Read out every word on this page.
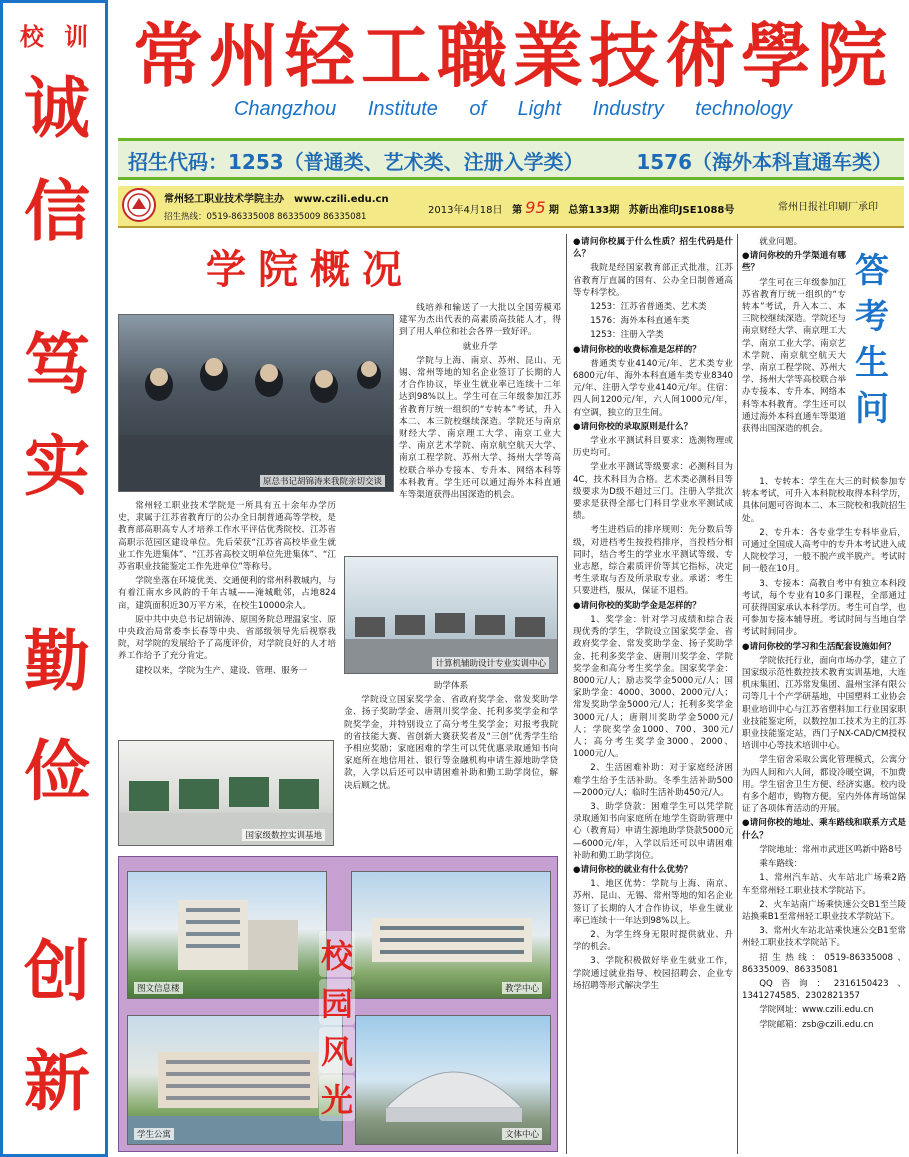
校 训
诚
信
笃
实
勤
俭
创
新
常州轻工職業技術學院
Changzhou Institute of Light Industry technology
招生代码：1253（普通类、艺术类、注册入学类）	1576（海外本科直通车类）
常州轻工职业技术学院主办　www.czili.edu.cn
招生热线：0519-86335008 86335009 86335081
2013年4月18日 第 95 期 总第133期 苏新出准印JSE1088号	常州日报社印刷厂承印
学院概况
原总书记胡锦涛来我院亲切交谈

线培养和输送了一大批以全国劳模邓建军为杰出代表的高素质高技能人才，得到了用人单位和社会各界一致好评。

就业升学

学院与上海、南京、苏州、昆山、无锡、常州等地的知名企业签订了长期的人才合作协议，毕业生就业率已连续十二年达到98%以上。学生可在三年级参加江苏省教育厅统一组织的“专转本”考试，升入本二、本三院校继续深造。学院还与南京财经大学、南京理工大学、南京工业大学、南京艺术学院、南京航空航天大学、南京工程学院、苏州大学、扬州大学等高校联合举办专接本、专升本、网络本科等本科教育。学生还可以通过海外本科直通车等渠道获得出国深造的机会。

常州轻工职业技术学院是一所具有五十余年办学历史，隶属于江苏省教育厅的公办全日制普通高等学校，是教育部高职高专人才培养工作水平评估优秀院校、江苏省高职示范园区建设单位。先后荣获“江苏省高校毕业生就业工作先进集体”、“江苏省高校文明单位先进集体”、“江苏省职业技能鉴定工作先进单位”等称号。

学院坐落在环境优美、交通便利的常州科教城内，与有着江南水乡风韵的千年古城——淹城毗邻，占地824亩，建筑面积近30万平方米，在校生10000余人。

原中共中央总书记胡锦涛、原国务院总理温家宝、原中央政治局常委李长春等中央、省部级领导先后视察我院，对学院的发展给予了高度评价，对学院良好的人才培养工作给予了充分肯定。

建校以来，学院为生产、建设、管理、服务一

计算机辅助设计专业实训中心
国家级数控实训基地

助学体系

学院设立国家奖学金、省政府奖学金、常发奖助学金、扬子奖助学金、唐荆川奖学金、托利多奖学金和学院奖学金，并特别设立了高分考生奖学金；对报考我院的省技能大赛、省创新大赛获奖者及“三创”优秀学生给予相应奖励；家庭困难的学生可以凭优惠录取通知书向家庭所在地信用社、银行等金融机构申请生源地助学贷款，入学以后还可以申请困难补助和勤工助学岗位，解决后顾之忧。

●请问你校属于什么性质？招生代码是什么？

我院是经国家教育部正式批准，江苏省教育厅直属的国有、公办全日制普通高等专科学校。

1253：江苏省普通类、艺术类

1576：海外本科直通车类

1253：注册入学类

●请问你校的收费标准是怎样的？

普通类专业4140元/年、艺术类专业6800元/年、海外本科直通车类专业8340元/年、注册入学专业4140元/年。住宿：四人间1200元/年，六人间1000元/年，有空调，独立的卫生间。

●请问你校的录取原则是什么？

学业水平测试科目要求：选测物理或历史均可。

学业水平测试等级要求：必测科目为4C，技术科目为合格。艺术类必测科目等级要求为D级不超过三门。注册入学批次要求是获得全部七门科目学业水平测试成绩。

考生进档后的排序规则：先分数后等级，对进档考生按投档排序，当投档分相同时，结合考生的学业水平测试等级、专业志愿，综合素质评价等其它指标，决定考生录取与否及所录取专业。承诺：考生只要进档，服从，保证不退档。

●请问你校的奖助学金是怎样的？

1、奖学金：针对学习成绩和综合表现优秀的学生，学院设立国家奖学金、省政府奖学金、常发奖助学金、扬子奖助学金、托利多奖学金、唐荆川奖学金、学院奖学金和高分考生奖学金。国家奖学金：8000元/人；励志奖学金5000元/人；国家助学金：4000、3000、2000元/人；常发奖助学金5000元/人；托利多奖学金3000元/人；唐荆川奖助学金5000元/人；学院奖学金1000、700、300元/人；高分考生奖学金3000、2000、1000元/人。

2、生活困难补助：对于家庭经济困难学生给予生活补助。冬季生活补助500—2000元/人；临时生活补助450元/人。

3、助学贷款：困难学生可以凭学院录取通知书向家庭所在地学生资助管理中心（教育局）申请生源地助学贷款5000元—6000元/年，入学以后还可以申请困难补助和勤工助学岗位。

●请问你校的就业有什么优势？

1、地区优势：学院与上海、南京、苏州、昆山、无锡、常州等地的知名企业签订了长期的人才合作协议，毕业生就业率已连续十一年达到98%以上。

2、为学生终身无限时提供就业、升学的机会。

3、学院积极做好毕业生就业工作，学院通过就业指导、校园招聘会、企业专场招聘等形式解决学生

答
考
生
问

就业问题。

●请问你校的升学渠道有哪些？

学生可在三年级参加江苏省教育厅统一组织的“专转本”考试，升入本二、本三院校继续深造。学院还与南京财经大学、南京理工大学、南京工业大学、南京艺术学院、南京航空航天大学、南京工程学院、苏州大学、扬州大学等高校联合举办专接本、专升本、网络本科等本科教育。学生还可以通过海外本科直通车等渠道获得出国深造的机会。

1、专转本：学生在大三的时候参加专转本考试，可升入本科院校取得本科学历，具体问题可咨询本二、本三院校和我院招生处。

2、专升本：各专业学生专科毕业后，可通过全国成人高考中的专升本考试进入成人院校学习，一般不脱产或半脱产。考试时间一般在10月。

3、专接本：高教自考中有独立本科段考试，每个专业有10多门课程，全部通过可获得国家承认本科学历。考生可自学，也可参加专接本辅导班。考试时间与当地自学考试时间同步。

●请问你校的学习和生活配套设施如何？

学院依托行业，面向市场办学，建立了国家级示范性数控技术教育实训基地，大连机床集团、江苏常发集团、温州宝泽有限公司等几十个产学研基地，中国塑料工业协会职业培训中心与江苏省塑料加工行业国家职业技能鉴定所，以数控加工技术为主的江苏职业技能鉴定站，西门子NX-CAD/CM授权培训中心等技术培训中心。

学生宿舍采取公寓化管理模式，公寓分为四人间和六人间，都设冷暖空调，不加费用。学生宿舍卫生方便、经济实惠。校内设有多个超市，购物方便。室内外体育场馆保证了各项体育活动的开展。

●请问你校的地址、乘车路线和联系方式是什么？

学院地址：常州市武进区鸣新中路8号

乘车路线：

1、常州汽车站、火车站北广场乘2路车至常州轻工职业技术学院站下。

2、火车站南广场乘快速公交B1至兰陵站换乘B1至常州轻工职业技术学院站下。

3、常州火车站北站乘快速公交B1至常州轻工职业技术学院站下。

招生热线：0519-86335008、86335009、86335081

QQ咨询：2316150423、1341274585、2302821357

学院网址：www.czili.edu.cn

学院邮箱：zsb@czili.edu.cn

图文信息楼	教学中心
学生公寓	文体中心
校
园
风
光
